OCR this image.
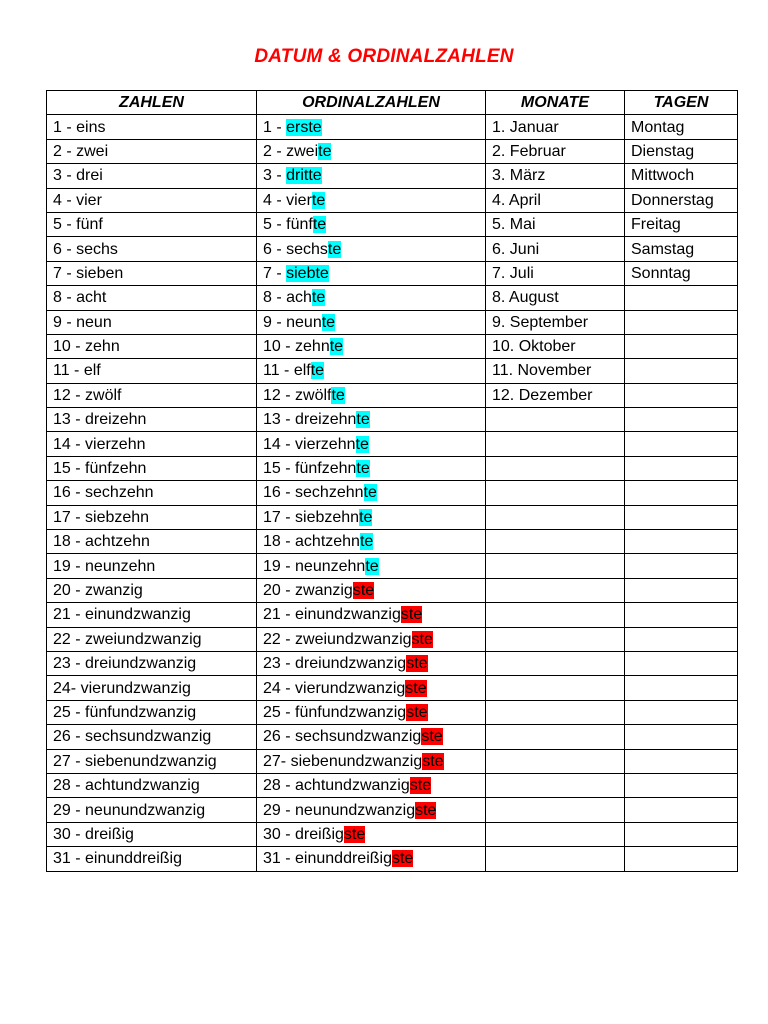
DATUM & ORDINALZAHLEN
ZAHLEN	ORDINALZAHLEN	MONATE	TAGEN
1 - eins	1 - erste	1. Januar	Montag
2 - zwei	2 - zweite	2. Februar	Dienstag
3 - drei	3 - dritte	3. März	Mittwoch
4 - vier	4 - vierte	4. April	Donnerstag
5 - fünf	5 - fünfte	5. Mai	Freitag
6 - sechs	6 - sechste	6. Juni	Samstag
7 - sieben	7 - siebte	7. Juli	Sonntag
8 - acht	8 - achte	8. August	
9 - neun	9 - neunte	9. September	
10 - zehn	10 - zehnte	10. Oktober	
11 - elf	11 - elfte	11. November	
12 - zwölf	12 - zwölfte	12. Dezember	
13 - dreizehn	13 - dreizehnte		
14 - vierzehn	14 - vierzehnte		
15 - fünfzehn	15 - fünfzehnte		
16 - sechzehn	16 - sechzehnte		
17 - siebzehn	17 - siebzehnte		
18 - achtzehn	18 - achtzehnte		
19 - neunzehn	19 - neunzehnte		
20 - zwanzig	20 - zwanzigste		
21 - einundzwanzig	21 - einundzwanzigste		
22 - zweiundzwanzig	22 - zweiundzwanzigste		
23 - dreiundzwanzig	23 - dreiundzwanzigste		
24- vierundzwanzig	24 - vierundzwanzigste		
25 - fünfundzwanzig	25 - fünfundzwanzigste		
26 - sechsundzwanzig	26 - sechsundzwanzigste		
27 - siebenundzwanzig	27- siebenundzwanzigste		
28 - achtundzwanzig	28 - achtundzwanzigste		
29 - neunundzwanzig	29 - neunundzwanzigste		
30 - dreißig	30 - dreißigste		
31 - einunddreißig	31 - einunddreißigste		
